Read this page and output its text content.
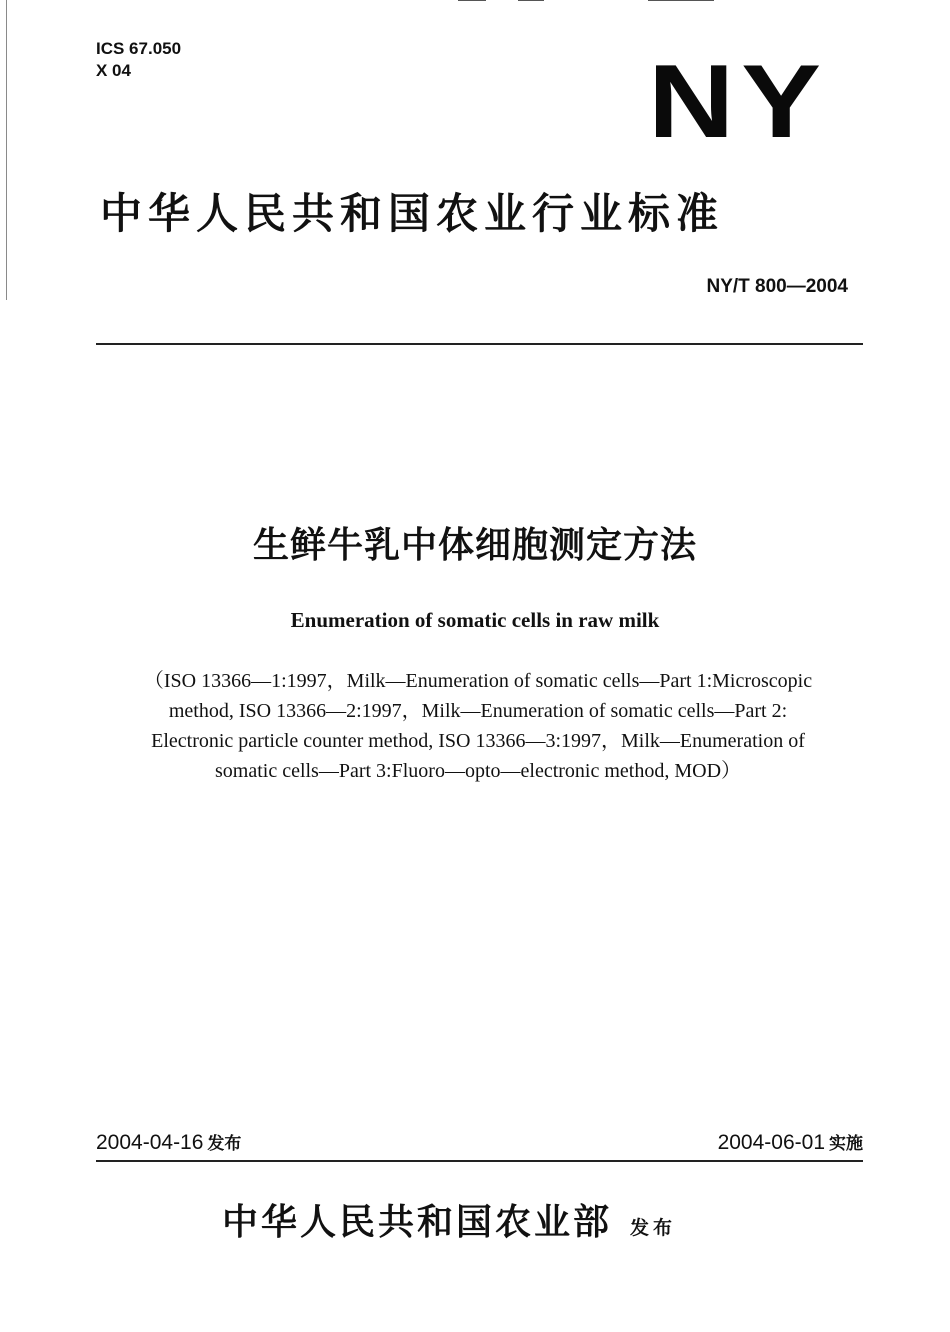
ICS 67.050
X 04	NY
中华人民共和国农业行业标准
NY/T 800—2004
生鲜牛乳中体细胞测定方法
Enumeration of somatic cells in raw milk
（ISO 13366—1:1997，Milk—Enumeration of somatic cells—Part 1:Microscopic
method, ISO 13366—2:1997，Milk—Enumeration of somatic cells—Part 2:
Electronic particle counter method, ISO 13366—3:1997，Milk—Enumeration of
somatic cells—Part 3:Fluoro—opto—electronic method, MOD）
2004-04-16 发布	2004-06-01 实施
中华人民共和国农业部 发布
